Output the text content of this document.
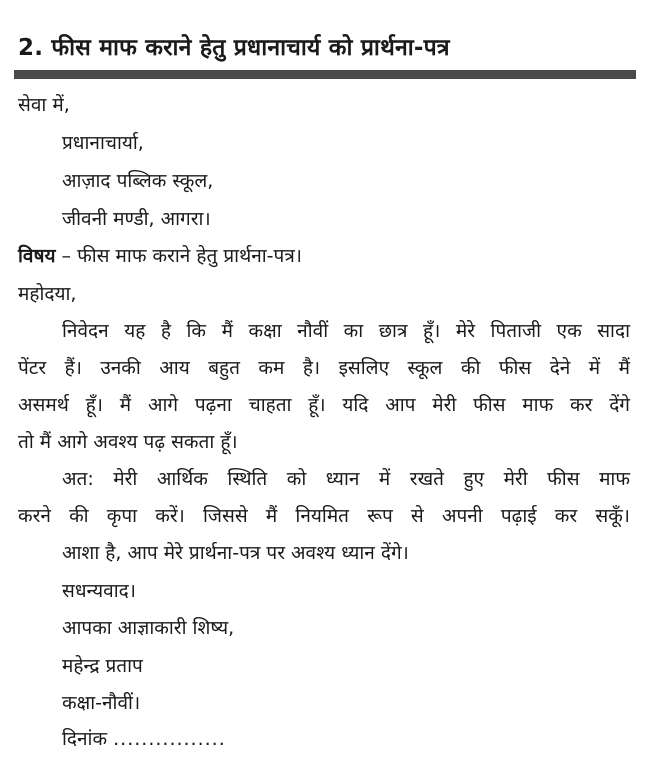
2. फीस माफ कराने हेतु प्रधानाचार्य को प्रार्थना-पत्र
सेवा में,
प्रधानाचार्या,
आज़ाद पब्लिक स्कूल,
जीवनी मण्डी, आगरा।
विषय – फीस माफ कराने हेतु प्रार्थना-पत्र।
महोदया,
निवेदन यह है कि मैं कक्षा नौवीं का छात्र हूँ। मेरे पिताजी एक सादा
पेंटर हैं। उनकी आय बहुत कम है। इसलिए स्कूल की फीस देने में मैं
असमर्थ हूँ। मैं आगे पढ़ना चाहता हूँ। यदि आप मेरी फीस माफ कर देंगे
तो मैं आगे अवश्य पढ़ सकता हूँ।
अत: मेरी आर्थिक स्थिति को ध्यान में रखते हुए मेरी फीस माफ
करने की कृपा करें। जिससे मैं नियमित रूप से अपनी पढ़ाई कर सकूँ।
आशा है, आप मेरे प्रार्थना-पत्र पर अवश्य ध्यान देंगे।
सधन्यवाद।
आपका आज्ञाकारी शिष्य,
महेन्द्र प्रताप
कक्षा-नौवीं।
दिनांक ................
